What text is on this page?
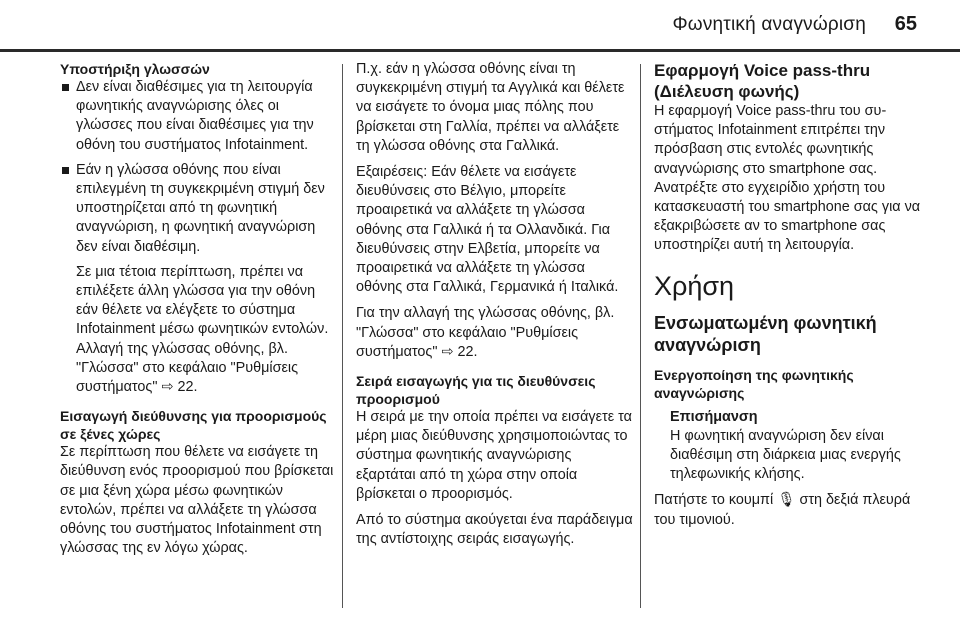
Φωνητική αναγνώριση 65
Υποστήριξη γλωσσών
Δεν είναι διαθέσιμες για τη λειτουργία φωνητικής αναγνώρισης όλες οι γλώσσες που είναι διαθέσιμες για την οθόνη του συστήματος Infotainment.
Εάν η γλώσσα οθόνης που είναι επιλεγμένη τη συγκεκριμένη στιγμή δεν υποστηρίζεται από τη φωνητική αναγνώριση, η φωνητική αναγνώριση δεν είναι διαθέσιμη.
Σε μια τέτοια περίπτωση, πρέπει να επιλέξετε άλλη γλώσσα για την οθόνη εάν θέλετε να ελέγξετε το σύστημα Infotainment μέσω φωνητικών εντολών. Αλλαγή της γλώσσας οθόνης, βλ. "Γλώσσα" στο κεφάλαιο "Ρυθμίσεις συστήματος" ⇨ 22.
Εισαγωγή διεύθυνσης για προορισμούς σε ξένες χώρες

Σε περίπτωση που θέλετε να εισάγετε τη διεύθυνση ενός προορισμού που βρίσκεται σε μια ξένη χώρα μέσω φωνητικών εντολών, πρέπει να αλλάξετε τη γλώσσα οθόνης του συστήματος Infotainment στη γλώσσας της εν λόγω χώρας.

Π.χ. εάν η γλώσσα οθόνης είναι τη συγκεκριμένη στιγμή τα Αγγλικά και θέλετε να εισάγετε το όνομα μιας πόλης που βρίσκεται στη Γαλλία, πρέπει να αλλάξετε τη γλώσσα οθόνης στα Γαλλικά.

Εξαιρέσεις: Εάν θέλετε να εισάγετε διευθύνσεις στο Βέλγιο, μπορείτε προαιρετικά να αλλάξετε τη γλώσσα οθόνης στα Γαλλικά ή τα Ολλανδικά. Για διευθύνσεις στην Ελβετία, μπορείτε να προαιρετικά να αλλάξετε τη γλώσσα οθόνης στα Γαλλικά, Γερμανικά ή Ιταλικά.

Για την αλλαγή της γλώσσας οθόνης, βλ. "Γλώσσα" στο κεφάλαιο "Ρυθμίσεις συστήματος" ⇨ 22.

Σειρά εισαγωγής για τις διευθύνσεις προορισμού

Η σειρά με την οποία πρέπει να εισάγετε τα μέρη μιας διεύθυνσης χρησιμοποιώντας το σύστημα φωνητικής αναγνώρισης εξαρτάται από τη χώρα στην οποία βρίσκεται ο προορισμός.

Από το σύστημα ακούγεται ένα παράδειγμα της αντίστοιχης σειράς εισαγωγής.

Εφαρμογή Voice pass-thru (Διέλευση φωνής)

Η εφαρμογή Voice pass-thru του συστήματος Infotainment επιτρέπει την πρόσβαση στις εντολές φωνητικής αναγνώρισης στο smartphone σας. Ανατρέξτε στο εγχειρίδιο χρήστη του κατασκευαστή του smartphone σας για να εξακριβώσετε αν το smartphone σας υποστηρίζει αυτή τη λειτουργία.

Χρήση
Ενσωματωμένη φωνητική αναγνώριση
Ενεργοποίηση της φωνητικής αναγνώρισης
Επισήμανση

Η φωνητική αναγνώριση δεν είναι διαθέσιμη στη διάρκεια μιας ενεργής τηλεφωνικής κλήσης.

Πατήστε το κουμπί 🎙 στη δεξιά πλευρά του τιμονιού.
